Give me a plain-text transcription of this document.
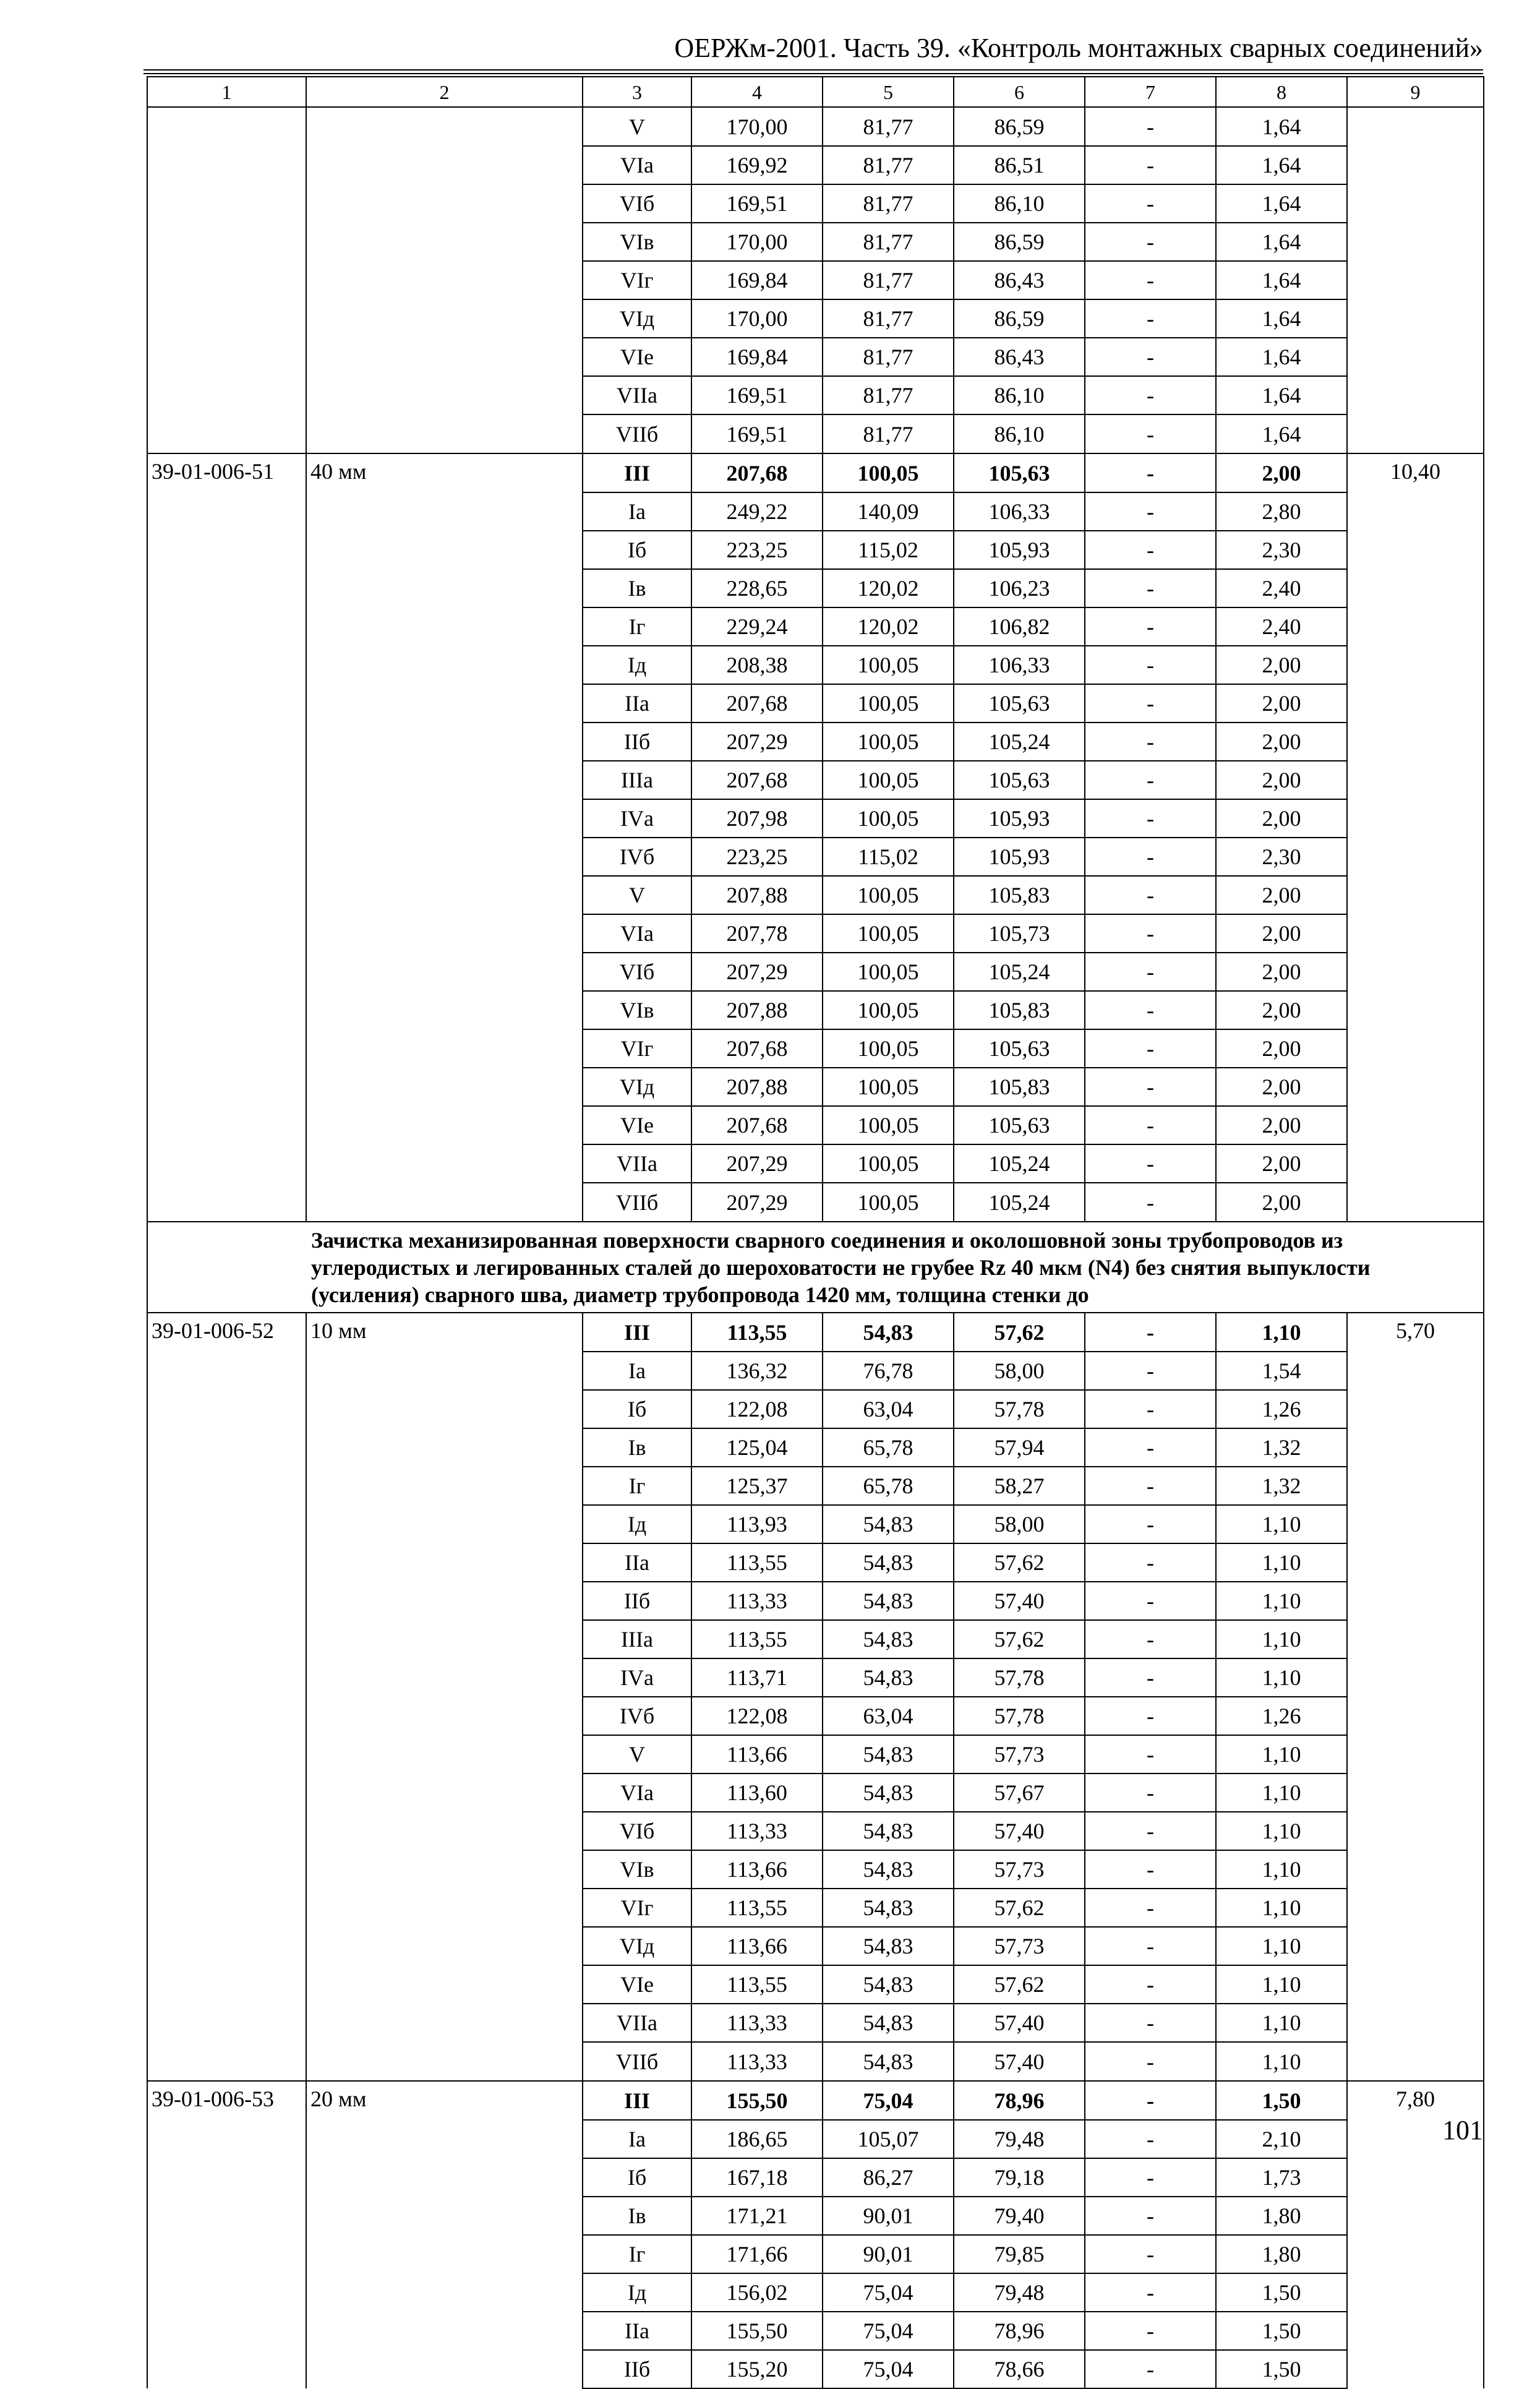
ОЕРЖм-2001. Часть 39. «Контроль монтажных сварных соединений»
1	2	3	4	5	6	7	8	9
		V	170,00	81,77	86,59	-	1,64	
		VIа	169,92	81,77	86,51	-	1,64	
		VIб	169,51	81,77	86,10	-	1,64	
		VIв	170,00	81,77	86,59	-	1,64	
		VIг	169,84	81,77	86,43	-	1,64	
		VIд	170,00	81,77	86,59	-	1,64	
		VIе	169,84	81,77	86,43	-	1,64	
		VIIа	169,51	81,77	86,10	-	1,64	
		VIIб	169,51	81,77	86,10	-	1,64	
39-01-006-51	40 мм	III	207,68	100,05	105,63	-	2,00	10,40
		Iа	249,22	140,09	106,33	-	2,80	
		Iб	223,25	115,02	105,93	-	2,30	
		Iв	228,65	120,02	106,23	-	2,40	
		Iг	229,24	120,02	106,82	-	2,40	
		Iд	208,38	100,05	106,33	-	2,00	
		IIа	207,68	100,05	105,63	-	2,00	
		IIб	207,29	100,05	105,24	-	2,00	
		IIIа	207,68	100,05	105,63	-	2,00	
		IVа	207,98	100,05	105,93	-	2,00	
		IVб	223,25	115,02	105,93	-	2,30	
		V	207,88	100,05	105,83	-	2,00	
		VIа	207,78	100,05	105,73	-	2,00	
		VIб	207,29	100,05	105,24	-	2,00	
		VIв	207,88	100,05	105,83	-	2,00	
		VIг	207,68	100,05	105,63	-	2,00	
		VIд	207,88	100,05	105,83	-	2,00	
		VIе	207,68	100,05	105,63	-	2,00	
		VIIа	207,29	100,05	105,24	-	2,00	
		VIIб	207,29	100,05	105,24	-	2,00	
	Зачистка механизированная поверхности сварного соединения и околошовной зоны трубопроводов из углеродистых и легированных сталей до шероховатости не грубее Rz 40 мкм (N4) без снятия выпуклости (усиления) сварного шва, диаметр трубопровода 1420 мм, толщина стенки до							
39-01-006-52	10 мм	III	113,55	54,83	57,62	-	1,10	5,70
		Iа	136,32	76,78	58,00	-	1,54	
		Iб	122,08	63,04	57,78	-	1,26	
		Iв	125,04	65,78	57,94	-	1,32	
		Iг	125,37	65,78	58,27	-	1,32	
		Iд	113,93	54,83	58,00	-	1,10	
		IIа	113,55	54,83	57,62	-	1,10	
		IIб	113,33	54,83	57,40	-	1,10	
		IIIа	113,55	54,83	57,62	-	1,10	
		IVа	113,71	54,83	57,78	-	1,10	
		IVб	122,08	63,04	57,78	-	1,26	
		V	113,66	54,83	57,73	-	1,10	
		VIа	113,60	54,83	57,67	-	1,10	
		VIб	113,33	54,83	57,40	-	1,10	
		VIв	113,66	54,83	57,73	-	1,10	
		VIг	113,55	54,83	57,62	-	1,10	
		VIд	113,66	54,83	57,73	-	1,10	
		VIе	113,55	54,83	57,62	-	1,10	
		VIIа	113,33	54,83	57,40	-	1,10	
		VIIб	113,33	54,83	57,40	-	1,10	
39-01-006-53	20 мм	III	155,50	75,04	78,96	-	1,50	7,80
		Iа	186,65	105,07	79,48	-	2,10	
		Iб	167,18	86,27	79,18	-	1,73	
		Iв	171,21	90,01	79,40	-	1,80	
		Iг	171,66	90,01	79,85	-	1,80	
		Iд	156,02	75,04	79,48	-	1,50	
		IIа	155,50	75,04	78,96	-	1,50	
		IIб	155,20	75,04	78,66	-	1,50	
101
